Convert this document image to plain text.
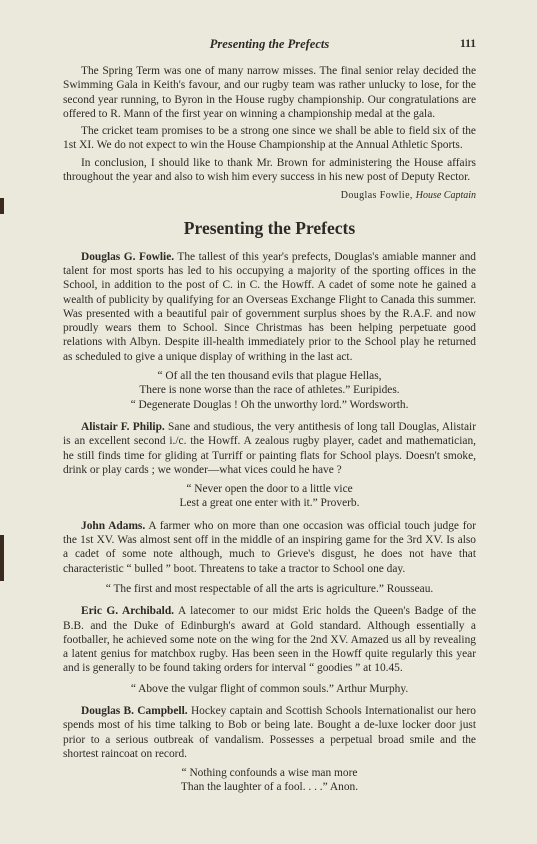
Presenting the Prefects	111

The Spring Term was one of many narrow misses. The final senior relay decided the Swimming Gala in Keith's favour, and our rugby team was rather unlucky to lose, for the second year running, to Byron in the House rugby championship. Our congratulations are offered to R. Mann of the first year on winning a championship medal at the gala.

The cricket team promises to be a strong one since we shall be able to field six of the 1st XI. We do not expect to win the House Championship at the Annual Athletic Sports.

In conclusion, I should like to thank Mr. Brown for administering the House affairs throughout the year and also to wish him every success in his new post of Deputy Rector.

Douglas Fowlie, House Captain
Presenting the Prefects

Douglas G. Fowlie. The tallest of this year's prefects, Douglas's amiable manner and talent for most sports has led to his occupying a majority of the sporting offices in the School, in addition to the post of C. in C. the Howff. A cadet of some note he gained a wealth of publicity by qualifying for an Overseas Exchange Flight to Canada this summer. Was presented with a beautiful pair of government surplus shoes by the R.A.F. and now proudly wears them to School. Since Christmas has been helping perpetuate good relations with Albyn. Despite ill-health immediately prior to the School play he returned as scheduled to give a unique display of writhing in the last act.

“ Of all the ten thousand evils that plague Hellas,
There is none worse than the race of athletes.” Euripides.
“ Degenerate Douglas ! Oh the unworthy lord.” Wordsworth.

Alistair F. Philip. Sane and studious, the very antithesis of long tall Douglas, Alistair is an excellent second i./c. the Howff. A zealous rugby player, cadet and mathematician, he still finds time for gliding at Turriff or painting flats for School plays. Doesn't smoke, drink or play cards ; we wonder—what vices could he have ?

“ Never open the door to a little vice
Lest a great one enter with it.” Proverb.

John Adams. A farmer who on more than one occasion was official touch judge for the 1st XV. Was almost sent off in the middle of an inspiring game for the 3rd XV. Is also a cadet of some note although, much to Grieve's disgust, he does not have that characteristic “ bulled ” boot. Threatens to take a tractor to School one day.

“ The first and most respectable of all the arts is agriculture.” Rousseau.

Eric G. Archibald. A latecomer to our midst Eric holds the Queen's Badge of the B.B. and the Duke of Edinburgh's award at Gold standard. Although essentially a footballer, he achieved some note on the wing for the 2nd XV. Amazed us all by revealing a latent genius for matchbox rugby. Has been seen in the Howff quite regularly this year and is generally to be found taking orders for interval “ goodies ” at 10.45.

“ Above the vulgar flight of common souls.” Arthur Murphy.

Douglas B. Campbell. Hockey captain and Scottish Schools Internationalist our hero spends most of his time talking to Bob or being late. Bought a de-luxe locker door just prior to a serious outbreak of vandalism. Possesses a perpetual broad smile and the shortest raincoat on record.

“ Nothing confounds a wise man more
Than the laughter of a fool. . . .” Anon.
